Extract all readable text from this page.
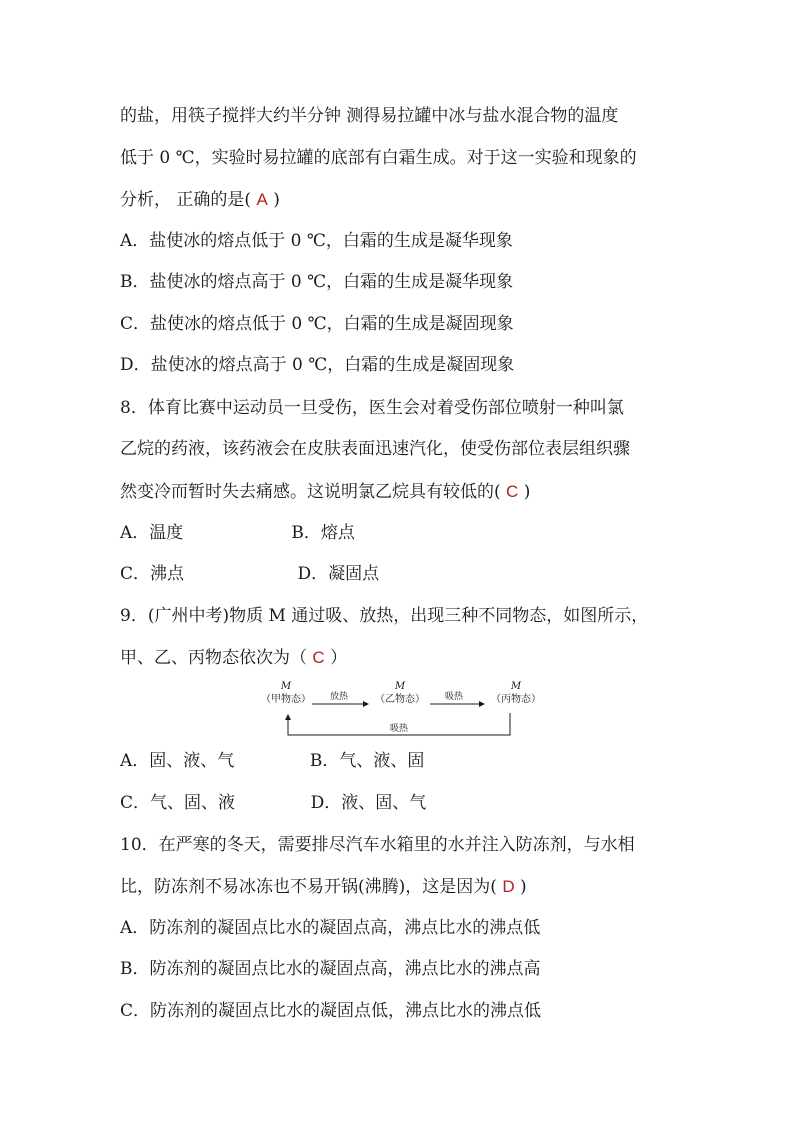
的盐，用筷子搅拌大约半分钟 测得易拉罐中冰与盐水混合物的温度
低于 0 ℃，实验时易拉罐的底部有白霜生成。对于这一实验和现象的
分析， 正确的是( A )
A．盐使冰的熔点低于 0 ℃，白霜的生成是凝华现象
B．盐使冰的熔点高于 0 ℃，白霜的生成是凝华现象
C．盐使冰的熔点低于 0 ℃，白霜的生成是凝固现象
D．盐使冰的熔点高于 0 ℃，白霜的生成是凝固现象
8．体育比赛中运动员一旦受伤，医生会对着受伤部位喷射一种叫氯
乙烷的药液，该药液会在皮肤表面迅速汽化，使受伤部位表层组织骤
然变冷而暂时失去痛感。这说明氯乙烷具有较低的( C )
A．温度                    B．熔点
C．沸点                     D．凝固点
9．(广州中考)物质 M 通过吸、放热，出现三种不同物态，如图所示，
甲、乙、丙物态依次为（ C ）
M
（甲物态）
M
（乙物态）
M
（丙物态）
放热	吸热
吸热
A．固、液、气              B．气、液、固
C．气、固、液              D．液、固、气
10．在严寒的冬天，需要排尽汽车水箱里的水并注入防冻剂，与水相
比，防冻剂不易冰冻也不易开锅(沸腾)，这是因为( D )
A．防冻剂的凝固点比水的凝固点高，沸点比水的沸点低
B．防冻剂的凝固点比水的凝固点高，沸点比水的沸点高
C．防冻剂的凝固点比水的凝固点低，沸点比水的沸点低
